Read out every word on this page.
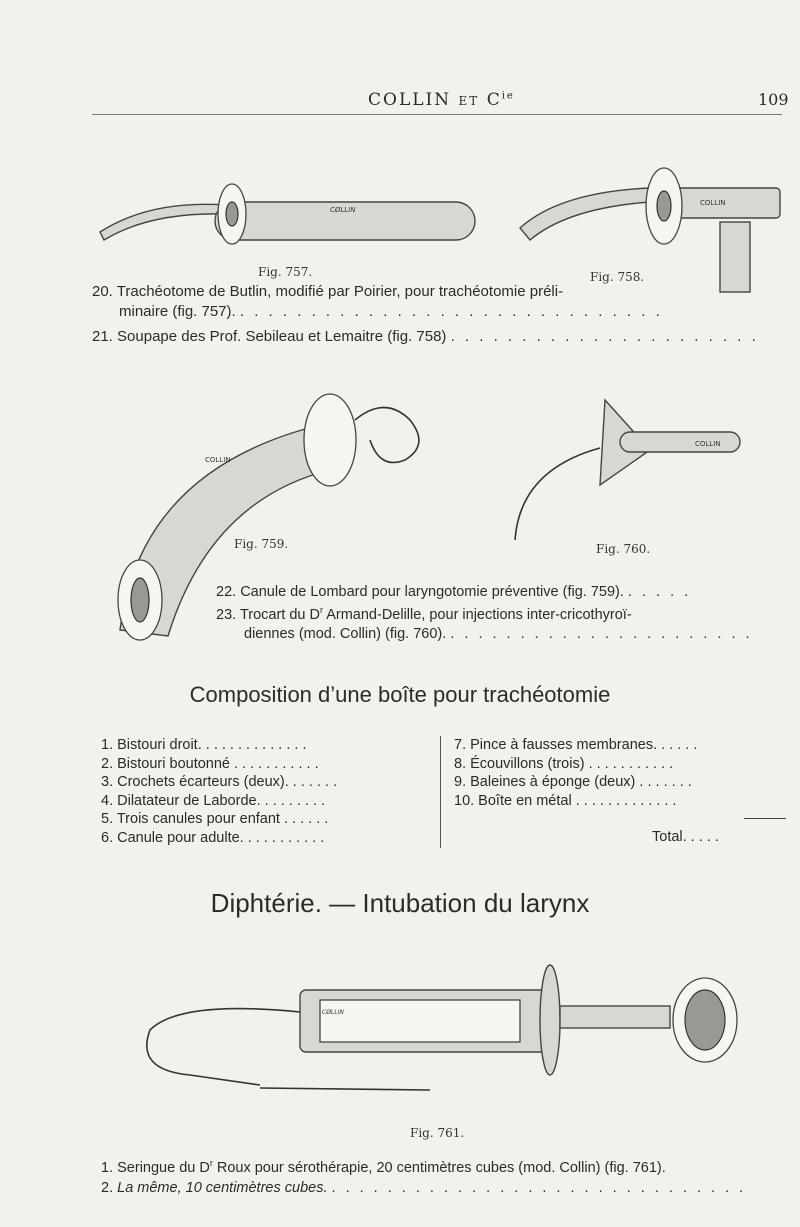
COLLIN ET $C^{ie}$	109
CØLLIN
COLLIN
COLLIN
COLLIN
CØLLIN
Fig. 757.	Fig. 758.
Fig. 759.	Fig. 760.
Fig. 761.
20. Trachéotome de Butlin, modifié par Poirier, pour trachéotomie préli-
minaire (fig. 757). . . . . . . . . . . . . . . . . . . . . . . . . . . . . . .
21. Soupape des Prof. Sebileau et Lemaitre (fig. 758) . . . . . . . . . . . . . . . . . . . . . .
22. Canule de Lombard pour laryngotomie préventive (fig. 759). . . . . .
23. Trocart du $D^r$ Armand-Delille, pour injections inter-cricothyroï-
diennes (mod. Collin) (fig. 760). . . . . . . . . . . . . . . . . . . . . . .
Composition d’une boîte pour trachéotomie
1. Bistouri droit. . . . . . . . . . . . . .
2. Bistouri boutonné . . . . . . . . . . .
3. Crochets écarteurs (deux). . . . . . .
4. Dilatateur de Laborde. . . . . . . . .
5. Trois canules pour enfant . . . . . .
6. Canule pour adulte. . . . . . . . . . .
7. Pince à fausses membranes. . . . . .
8. Écouvillons (trois) . . . . . . . . . . .
9. Baleines à éponge (deux) . . . . . . .
10. Boîte en métal . . . . . . . . . . . . .
Total. . . . .
Diphtérie. — Intubation du larynx
1. Seringue du $D^r$ Roux pour sérothérapie, 20 centimètres cubes (mod. Collin) (fig. 761).
2. La même, 10 centimètres cubes. . . . . . . . . . . . . . . . . . . . . . . . . . . . . . .
